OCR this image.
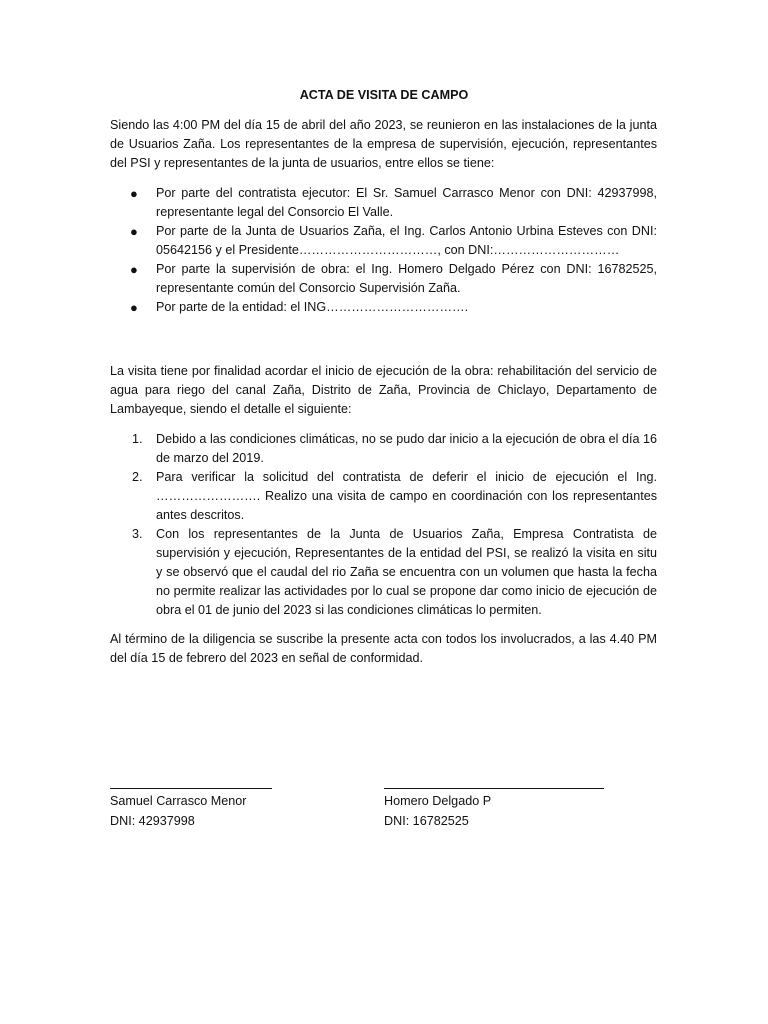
ACTA DE VISITA DE CAMPO

Siendo las 4:00 PM del día 15 de abril del año 2023, se reunieron en las instalaciones de la junta de Usuarios Zaña. Los representantes de la empresa de supervisión, ejecución, representantes del PSI y representantes de la junta de usuarios, entre ellos se tiene:

● Por parte del contratista ejecutor: El Sr. Samuel Carrasco Menor con DNI: 42937998, representante legal del Consorcio El Valle.
● Por parte de la Junta de Usuarios Zaña, el Ing. Carlos Antonio Urbina Esteves con DNI: 05642156 y el Presidente……………………………, con DNI:…………………………
● Por parte la supervisión de obra: el Ing. Homero Delgado Pérez con DNI: 16782525, representante común del Consorcio Supervisión Zaña.
● Por parte de la entidad: el ING…………………………….

La visita tiene por finalidad acordar el inicio de ejecución de la obra: rehabilitación del servicio de agua para riego del canal Zaña, Distrito de Zaña, Provincia de Chiclayo, Departamento de Lambayeque, siendo el detalle el siguiente:

1. Debido a las condiciones climáticas, no se pudo dar inicio a la ejecución de obra el día 16 de marzo del 2019.
2. Para verificar la solicitud del contratista de deferir el inicio de ejecución el Ing. ……………………. Realizo una visita de campo en coordinación con los representantes antes descritos.
3. Con los representantes de la Junta de Usuarios Zaña, Empresa Contratista de supervisión y ejecución, Representantes de la entidad del PSI, se realizó la visita en situ y se observó que el caudal del rio Zaña se encuentra con un volumen que hasta la fecha no permite realizar las actividades por lo cual se propone dar como inicio de ejecución de obra el 01 de junio del 2023 si las condiciones climáticas lo permiten.

Al término de la diligencia se suscribe la presente acta con todos los involucrados, a las 4.40 PM del día 15 de febrero del 2023 en señal de conformidad.

Samuel Carrasco Menor
DNI: 42937998
Homero Delgado P
DNI: 16782525
